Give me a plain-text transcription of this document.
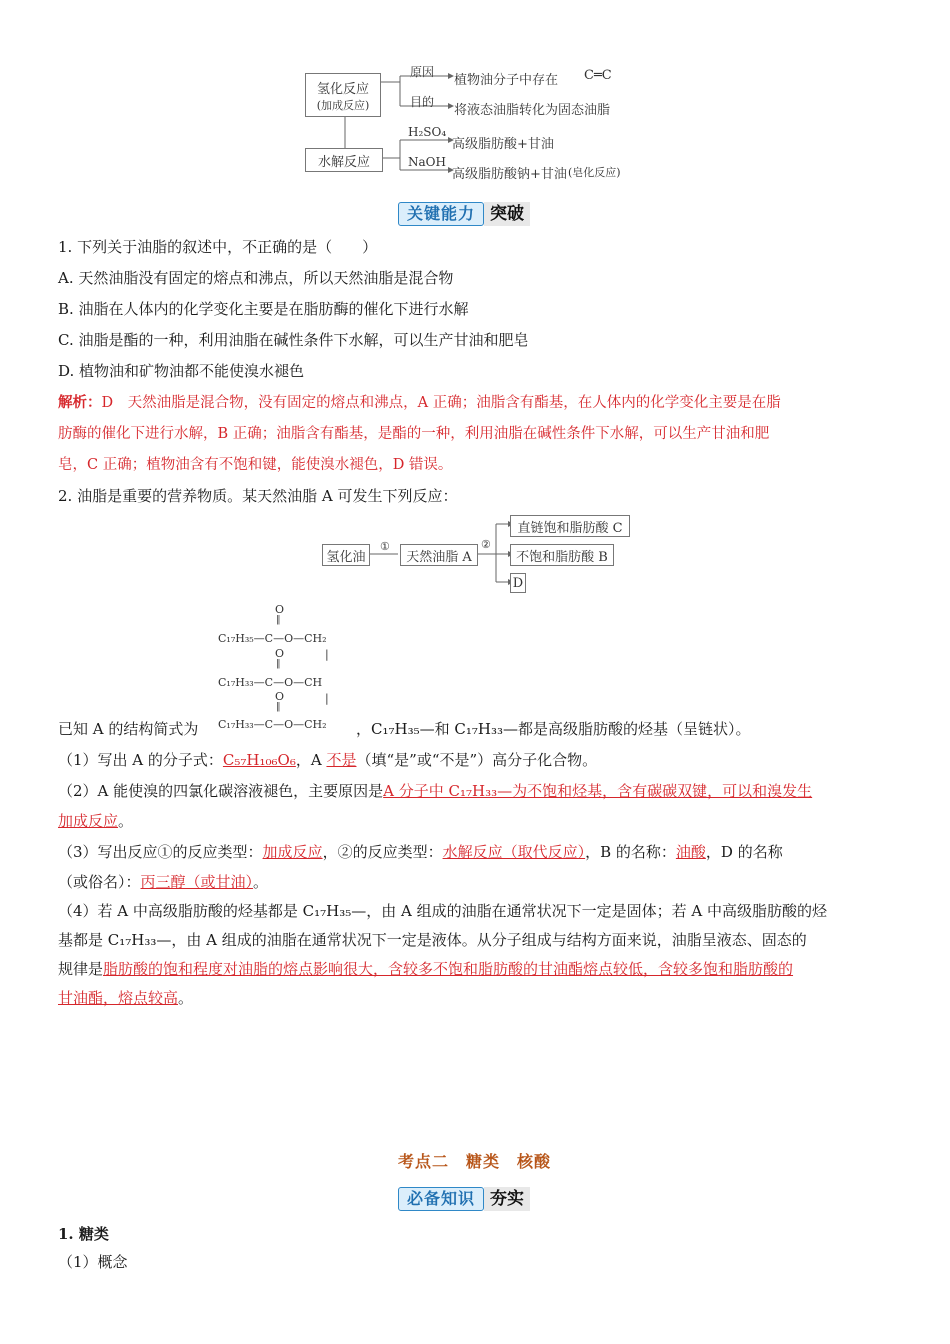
氢化反应
(加成反应)
原因
植物油分子中存在 C═C
目的
将液态油脂转化为固态油脂
水解反应
H₂SO₄
高级脂肪酸+甘油
NaOH
高级脂肪酸钠+甘油 (皂化反应)
关键能力 突破
1. 下列关于油脂的叙述中，不正确的是（　　）
A. 天然油脂没有固定的熔点和沸点，所以天然油脂是混合物
B. 油脂在人体内的化学变化主要是在脂肪酶的催化下进行水解
C. 油脂是酯的一种，利用油脂在碱性条件下水解，可以生产甘油和肥皂
D. 植物油和矿物油都不能使溴水褪色
解析：D　天然油脂是混合物，没有固定的熔点和沸点，A 正确；油脂含有酯基，在人体内的化学变化主要是在脂
肪酶的催化下进行水解，B 正确；油脂含有酯基，是酯的一种，利用油脂在碱性条件下水解，可以生产甘油和肥
皂，C 正确；植物油含有不饱和键，能使溴水褪色，D 错误。
2. 油脂是重要的营养物质。某天然油脂 A 可发生下列反应：
氢化油
①
天然油脂 A
②
直链饱和脂肪酸 C
不饱和脂肪酸 B
D
O
‖
C₁₇H₃₅—C—O—CH₂
|
O
‖
C₁₇H₃₃—C—O—CH
|
O
‖
C₁₇H₃₃—C—O—CH₂
已知 A 的结构简式为	，C₁₇H₃₅—和 C₁₇H₃₃—都是高级脂肪酸的烃基（呈链状）。
（1）写出 A 的分子式：C₅₇H₁₀₆O₆，A 不是（填“是”或“不是”）高分子化合物。
（2）A 能使溴的四氯化碳溶液褪色，主要原因是A 分子中 C₁₇H₃₃—为不饱和烃基，含有碳碳双键，可以和溴发生
加成反应。
（3）写出反应①的反应类型：加成反应，②的反应类型：水解反应（取代反应），B 的名称：油酸，D 的名称
（或俗名）：丙三醇（或甘油）。
（4）若 A 中高级脂肪酸的烃基都是 C₁₇H₃₅—，由 A 组成的油脂在通常状况下一定是固体；若 A 中高级脂肪酸的烃
基都是 C₁₇H₃₃—，由 A 组成的油脂在通常状况下一定是液体。从分子组成与结构方面来说，油脂呈液态、固态的
规律是脂肪酸的饱和程度对油脂的熔点影响很大，含较多不饱和脂肪酸的甘油酯熔点较低，含较多饱和脂肪酸的
甘油酯，熔点较高。
考点二　糖类　核酸
必备知识 夯实
1. 糖类
（1）概念
